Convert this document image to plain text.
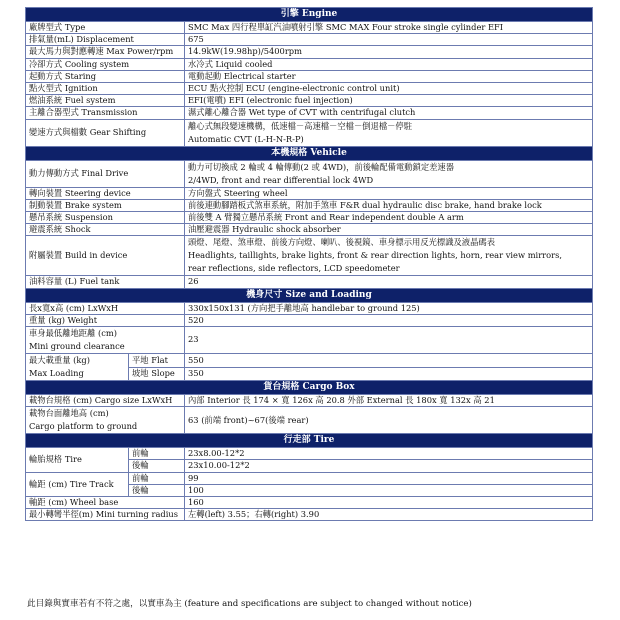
引擎 Engine		
廠牌型式 Type		SMC Max 四行程單缸汽油噴射引擎 SMC MAX Four stroke single cylinder EFI
排氣量(mL) Displacement		675
最大馬力與對應轉速 Max Power/rpm		14.9kW(19.98hp)/5400rpm
冷卻方式 Cooling system		水冷式 Liquid cooled
起動方式 Staring		電動起動 Electrical starter
點火型式 Ignition		ECU 點火控制 ECU (engine-electronic control unit)
燃油系統 Fuel system		EFI(電噴) EFI (electronic fuel injection)
主離合器型式 Transmission		濕式離心離合器 Wet type of CVT with centrifugal clutch
變速方式與檔數 Gear Shifting		離心式無段變速機構，低速檔－高速檔－空檔－倒退檔－停駐
Automatic CVT (L-H-N-R-P)

本機規格 Vehicle		
動力傳動方式 Final Drive		動力可切換成 2 輪或 4 輪傳動(2 或 4WD)，前後輪配備電動鎖定差速器
2/4WD, front and rear differential lock 4WD

轉向裝置 Steering device		方向盤式 Steering wheel
制動裝置 Brake system		前後連動腳踏板式煞車系統，附加手煞車 F&R dual hydraulic disc brake, hand brake lock
懸吊系統 Suspension		前後雙 A 臂獨立懸吊系統 Front and Rear independent double A arm
避震系統 Shock		油壓避震器 Hydraulic shock absorber
附屬裝置 Build in device		頭燈、尾燈、煞車燈、前後方向燈、喇叭、後視鏡、車身標示用反光標識及液晶碼表
Headlights, taillights, brake lights, front & rear direction lights, horn, rear view mirrors,
rear reflections, side reflectors, LCD speedometer

油料容量 (L) Fuel tank		26
機身尺寸 Size and Loading		
長x寬x高 (cm) LxWxH		330x150x131 (方向把手離地高 handlebar to ground 125)
重量 (kg) Weight		520

車身最低離地距離 (cm)
Mini ground clearance		23

最大載重量 (kg)
Max Loading	平地 Flat	550
	坡地 Slope	350
貨台規格 Cargo Box		
載物台規格 (cm) Cargo size LxWxH		內部 Interior 長 174 × 寬 126x 高 20.8 外部 External 長 180x 寬 132x 高 21

載物台面離地高 (cm)
Cargo platform to ground		63 (前端 front)~67(後端 rear)
行走部 Tire		
輪胎規格 Tire	前輪	23x8.00-12*2
	後輪	23x10.00-12*2
輪距 (cm) Tire Track	前輪	99
	後輪	100
軸距 (cm) Wheel base		160
最小轉彎半徑(m) Mini turning radius		左轉(left) 3.55；右轉(right) 3.90
此目錄與實車若有不符之處，以實車為主 (feature and specifications are subject to changed without notice)
